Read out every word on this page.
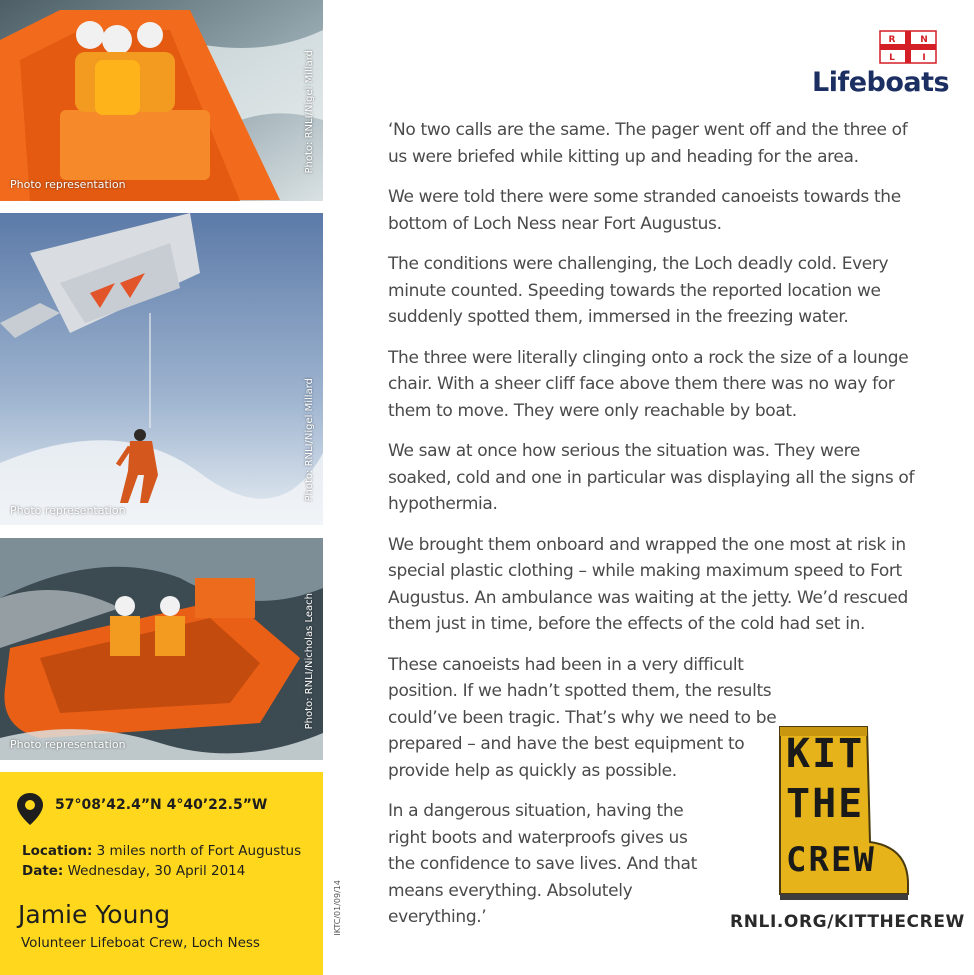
Photo representation
Photo: RNLI/Nigel Millard
Photo representation
Photo: RNLI/Nigel Millard
Photo representation
Photo: RNLI/Nicholas Leach
57°08’42.4”N 4°40’22.5”W
Location: 3 miles north of Fort Augustus
Date: Wednesday, 30 April 2014
Jamie Young
Volunteer Lifeboat Crew, Loch Ness
IKTC/01/09/14
R	N
L	I
Lifeboats

‘No two calls are the same. The pager went off and the three of us were briefed while kitting up and heading for the area.

We were told there were some stranded canoeists towards the bottom of Loch Ness near Fort Augustus.

The conditions were challenging, the Loch deadly cold. Every minute counted. Speeding towards the reported location we suddenly spotted them, immersed in the freezing water.

The three were literally clinging onto a rock the size of a lounge chair. With a sheer cliff face above them there was no way for them to move. They were only reachable by boat.

We saw at once how serious the situation was. They were soaked, cold and one in particular was displaying all the signs of hypothermia.

We brought them onboard and wrapped the one most at risk in special plastic clothing – while making maximum speed to Fort Augustus. An ambulance was waiting at the jetty. We’d rescued them just in time, before the effects of the cold had set in.

These canoeists had been in a very difficult position. If we hadn’t spotted them, the results could’ve been tragic. That’s why we need to be prepared – and have the best equipment to provide help as quickly as possible.

In a dangerous situation, having the right boots and waterproofs gives us the confidence to save lives. And that means everything. Absolutely everything.’

KIT
THE
CREW
RNLI.ORG/KITTHECREW
